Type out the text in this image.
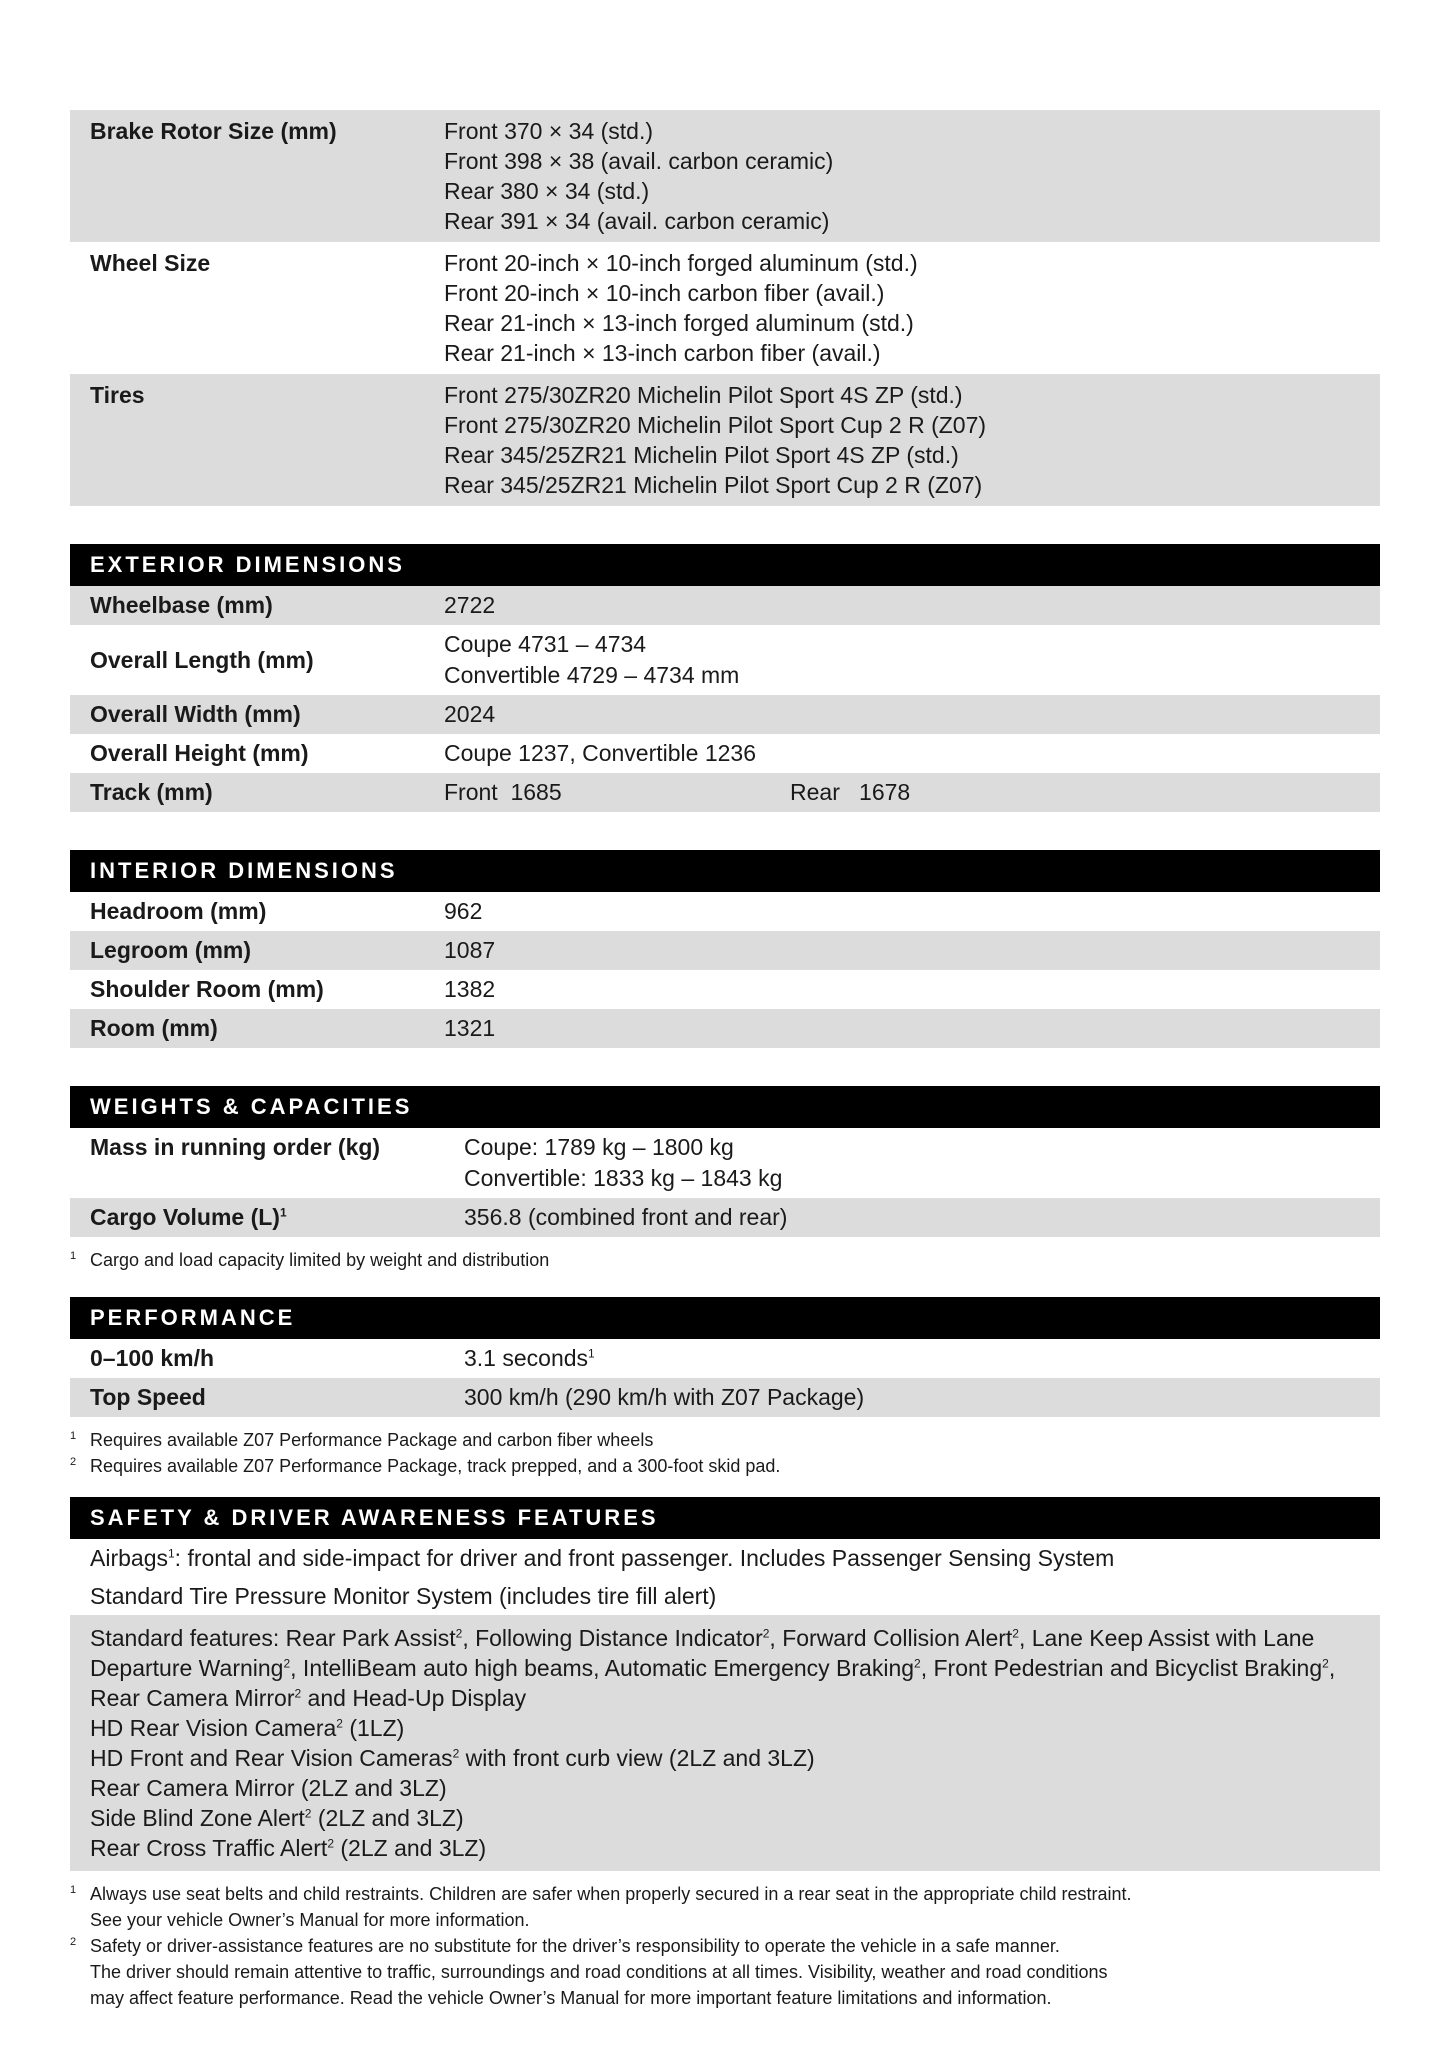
Brake Rotor Size (mm)	Front 370 × 34 (std.)
Front 398 × 38 (avail. carbon ceramic)
Rear 380 × 34 (std.)
Rear 391 × 34 (avail. carbon ceramic)
Wheel Size	Front 20-inch × 10-inch forged aluminum (std.)
Front 20-inch × 10-inch carbon fiber (avail.)
Rear 21-inch × 13-inch forged aluminum (std.)
Rear 21-inch × 13-inch carbon fiber (avail.)
Tires	Front 275/30ZR20 Michelin Pilot Sport 4S ZP (std.)
Front 275/30ZR20 Michelin Pilot Sport Cup 2 R (Z07)
Rear 345/25ZR21 Michelin Pilot Sport 4S ZP (std.)
Rear 345/25ZR21 Michelin Pilot Sport Cup 2 R (Z07)
EXTERIOR DIMENSIONS
Wheelbase (mm)	2722
Overall Length (mm)
Coupe 4731 – 4734
Convertible 4729 – 4734 mm
Overall Width (mm)	2024
Overall Height (mm)	Coupe 1237, Convertible 1236
Track (mm)	Front  1685	Rear   1678
INTERIOR DIMENSIONS
Headroom (mm)	962
Legroom (mm)	1087
Shoulder Room (mm)	1382
Room (mm)	1321
WEIGHTS & CAPACITIES
Mass in running order (kg)	Coupe: 1789 kg – 1800 kg
Convertible: 1833 kg – 1843 kg
Cargo Volume $(L)^1$	356.8 (combined front and rear)
1 Cargo and load capacity limited by weight and distribution
PERFORMANCE
0–100 km/h	3.1 seconds$^1$
Top Speed	300 km/h (290 km/h with Z07 Package)
1 Requires available Z07 Performance Package and carbon fiber wheels
2 Requires available Z07 Performance Package, track prepped, and a 300-foot skid pad.
SAFETY & DRIVER AWARENESS FEATURES
Airbags$^1$: frontal and side-impact for driver and front passenger. Includes Passenger Sensing System
Standard Tire Pressure Monitor System (includes tire fill alert)
Standard features: Rear Park Assist$^2$, Following Distance Indicator$^2$, Forward Collision Alert$^2$, Lane Keep Assist with Lane Departure Warning$^2$, IntelliBeam auto high beams, Automatic Emergency Braking$^2$, Front Pedestrian and Bicyclist Braking$^2$, Rear Camera Mirror$^2$ and Head-Up Display
HD Rear Vision Camera$^2$ (1LZ)
HD Front and Rear Vision Cameras$^2$ with front curb view (2LZ and 3LZ)
Rear Camera Mirror (2LZ and 3LZ)
Side Blind Zone Alert$^2$ (2LZ and 3LZ)
Rear Cross Traffic Alert$^2$ (2LZ and 3LZ)
1 Always use seat belts and child restraints. Children are safer when properly secured in a rear seat in the appropriate child restraint.
See your vehicle Owner’s Manual for more information.
2 Safety or driver-assistance features are no substitute for the driver’s responsibility to operate the vehicle in a safe manner.
The driver should remain attentive to traffic, surroundings and road conditions at all times. Visibility, weather and road conditions
may affect feature performance. Read the vehicle Owner’s Manual for more important feature limitations and information.
